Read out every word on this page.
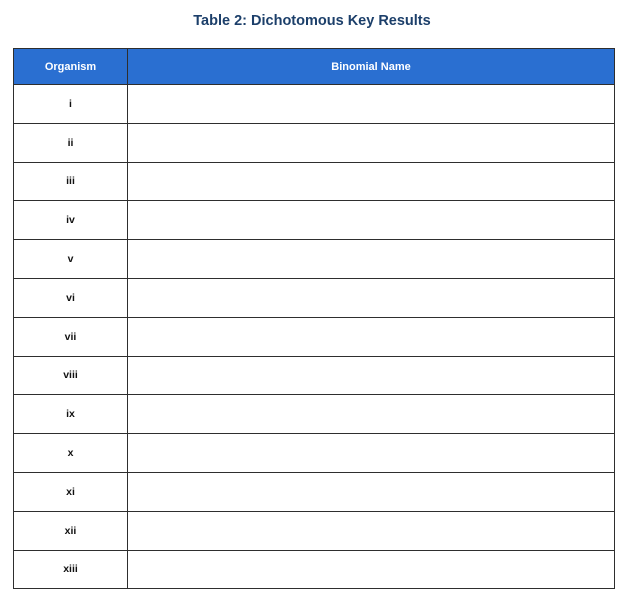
Table 2: Dichotomous Key Results
Organism	Binomial Name
i	
ii	
iii	
iv	
v	
vi	
vii	
viii	
ix	
x	
xi	
xii	
xiii	
